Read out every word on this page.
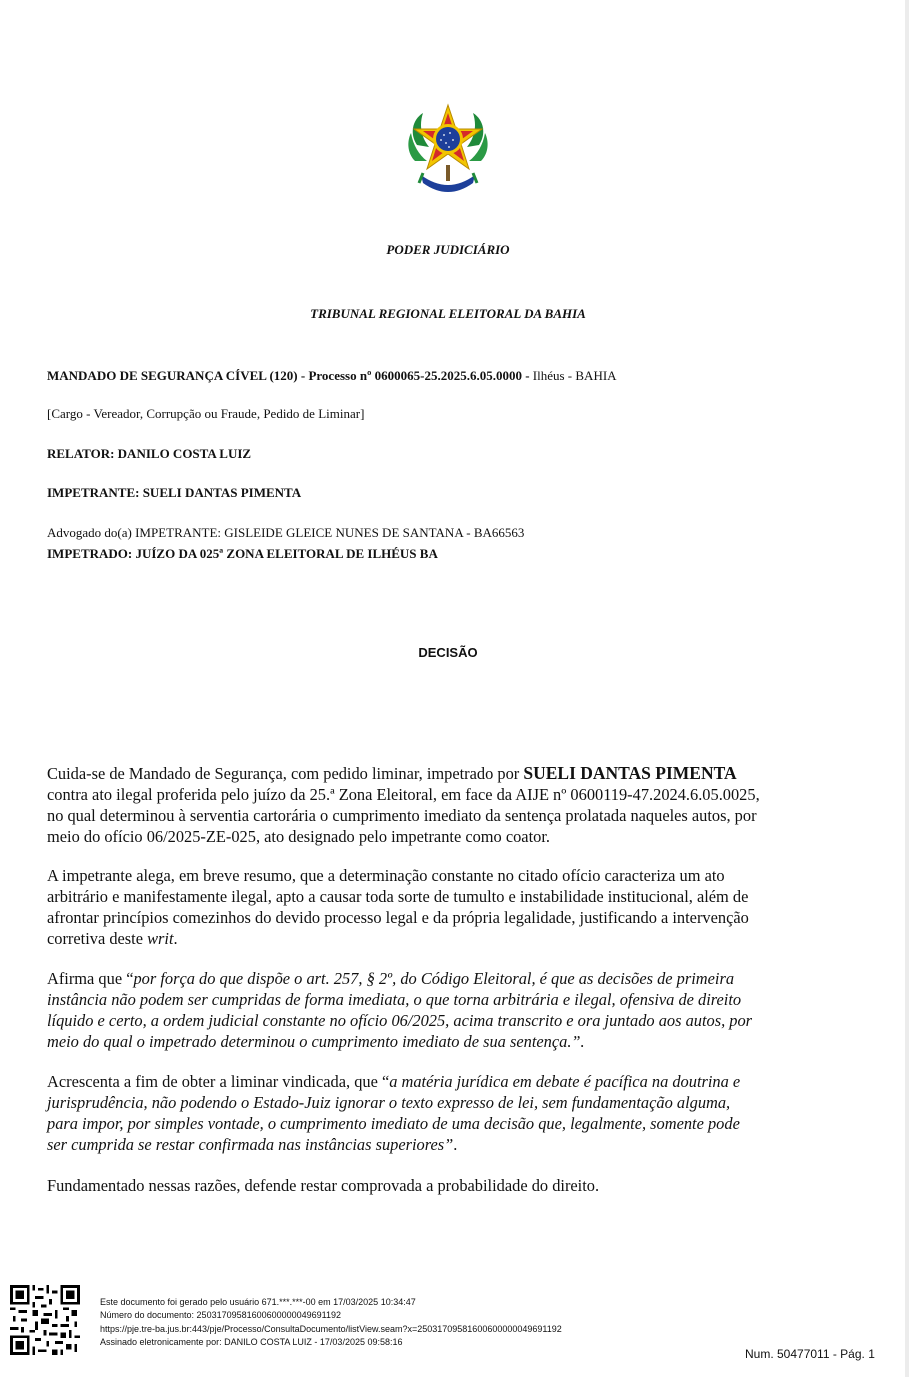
PODER JUDICIÁRIO
TRIBUNAL REGIONAL ELEITORAL DA BAHIA
MANDADO DE SEGURANÇA CÍVEL (120) - Processo nº 0600065-25.2025.6.05.0000 - Ilhéus - BAHIA
[Cargo - Vereador, Corrupção ou Fraude, Pedido de Liminar]
RELATOR: DANILO COSTA LUIZ
IMPETRANTE: SUELI DANTAS PIMENTA
Advogado do(a) IMPETRANTE: GISLEIDE GLEICE NUNES DE SANTANA - BA66563
IMPETRADO: JUÍZO DA 025ª ZONA ELEITORAL DE ILHÉUS BA
DECISÃO
Cuida-se de Mandado de Segurança, com pedido liminar, impetrado por SUELI DANTAS PIMENTA
contra ato ilegal proferida pelo juízo da 25.ª Zona Eleitoral, em face da AIJE nº 0600119-47.2024.6.05.0025,
no qual determinou à serventia cartorária o cumprimento imediato da sentença prolatada naqueles autos, por
meio do ofício 06/2025-ZE-025, ato designado pelo impetrante como coator.
A impetrante alega, em breve resumo, que a determinação constante no citado ofício caracteriza um ato
arbitrário e manifestamente ilegal, apto a causar toda sorte de tumulto e instabilidade institucional, além de
afrontar princípios comezinhos do devido processo legal e da própria legalidade, justificando a intervenção
corretiva deste writ.
Afirma que “por força do que dispõe o art. 257, § 2º, do Código Eleitoral, é que as decisões de primeira
instância não podem ser cumpridas de forma imediata, o que torna arbitrária e ilegal, ofensiva de direito
líquido e certo, a ordem judicial constante no ofício 06/2025, acima transcrito e ora juntado aos autos, por
meio do qual o impetrado determinou o cumprimento imediato de sua sentença.”.
Acrescenta a fim de obter a liminar vindicada, que “a matéria jurídica em debate é pacífica na doutrina e
jurisprudência, não podendo o Estado-Juiz ignorar o texto expresso de lei, sem fundamentação alguma,
para impor, por simples vontade, o cumprimento imediato de uma decisão que, legalmente, somente pode
ser cumprida se restar confirmada nas instâncias superiores”.
Fundamentado nessas razões, defende restar comprovada a probabilidade do direito.
Este documento foi gerado pelo usuário 671.***.***-00 em 17/03/2025 10:34:47
Número do documento: 25031709581600600000049691192
https://pje.tre-ba.jus.br:443/pje/Processo/ConsultaDocumento/listView.seam?x=25031709581600600000049691192
Assinado eletronicamente por: DANILO COSTA LUIZ - 17/03/2025 09:58:16
Num. 50477011 - Pág. 1
